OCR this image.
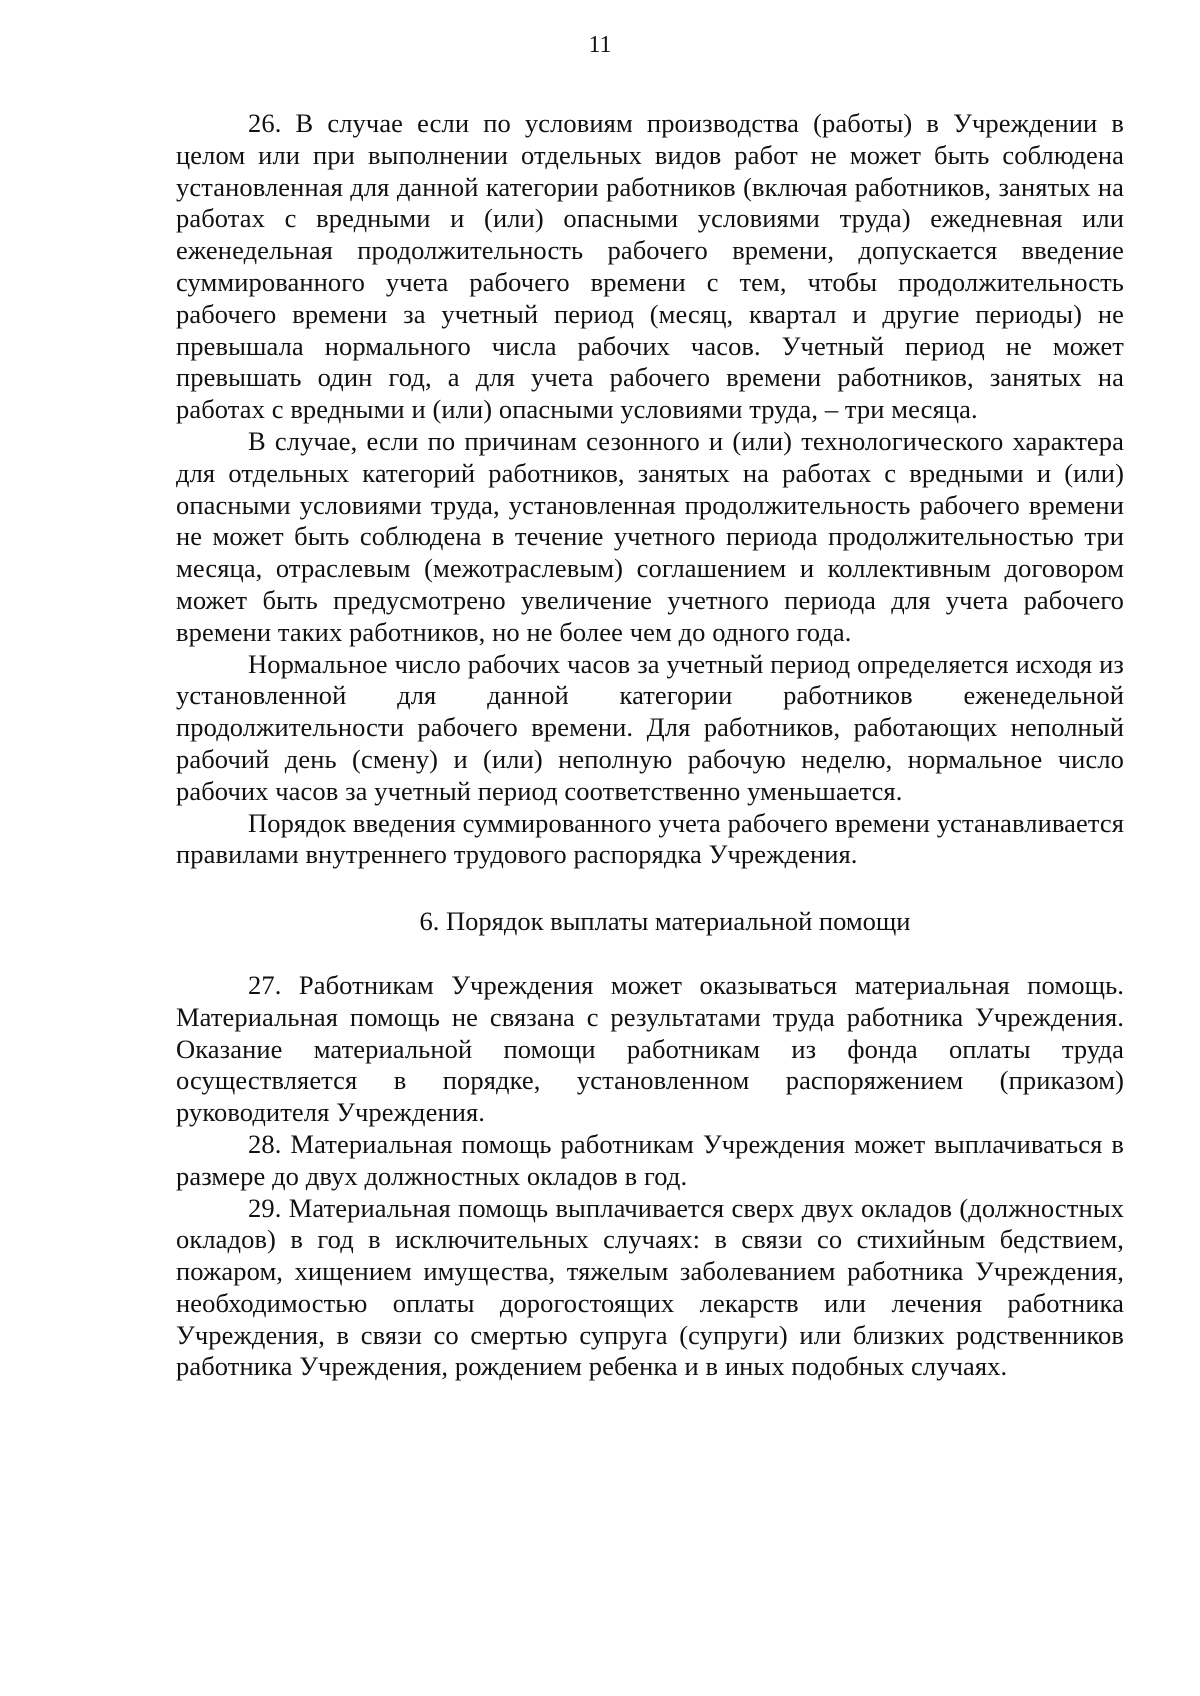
11

26. В случае если по условиям производства (работы) в Учреждении в целом или при выполнении отдельных видов работ не может быть соблюдена установленная для данной категории работников (включая работников, занятых на работах с вредными и (или) опасными условиями труда) ежедневная или еженедельная продолжительность рабочего времени, допускается введение суммированного учета рабочего времени с тем, чтобы продолжительность рабочего времени за учетный период (месяц, квартал и другие периоды) не превышала нормального числа рабочих часов. Учетный период не может превышать один год, а для учета рабочего времени работников, занятых на работах с вредными и (или) опасными условиями труда, – три месяца.

В случае, если по причинам сезонного и (или) технологического характера для отдельных категорий работников, занятых на работах с вредными и (или) опасными условиями труда, установленная продолжительность рабочего времени не может быть соблюдена в течение учетного периода продолжительностью три месяца, отраслевым (межотраслевым) соглашением и коллективным договором может быть предусмотрено увеличение учетного периода для учета рабочего времени таких работников, но не более чем до одного года.

Нормальное число рабочих часов за учетный период определяется исходя из установленной для данной категории работников еженедельной продолжительности рабочего времени. Для работников, работающих неполный рабочий день (смену) и (или) неполную рабочую неделю, нормальное число рабочих часов за учетный период соответственно уменьшается.

Порядок введения суммированного учета рабочего времени устанавливается правилами внутреннего трудового распорядка Учреждения.

6. Порядок выплаты материальной помощи

27. Работникам Учреждения может оказываться материальная помощь. Материальная помощь не связана с результатами труда работника Учреждения. Оказание материальной помощи работникам из фонда оплаты труда осуществляется в порядке, установленном распоряжением (приказом) руководителя Учреждения.

28. Материальная помощь работникам Учреждения может выплачиваться в размере до двух должностных окладов в год.

29. Материальная помощь выплачивается сверх двух окладов (должностных окладов) в год в исключительных случаях: в связи со стихийным бедствием, пожаром, хищением имущества, тяжелым заболеванием работника Учреждения, необходимостью оплаты дорогостоящих лекарств или лечения работника Учреждения, в связи со смертью супруга (супруги) или близких родственников работника Учреждения, рождением ребенка и в иных подобных случаях.
